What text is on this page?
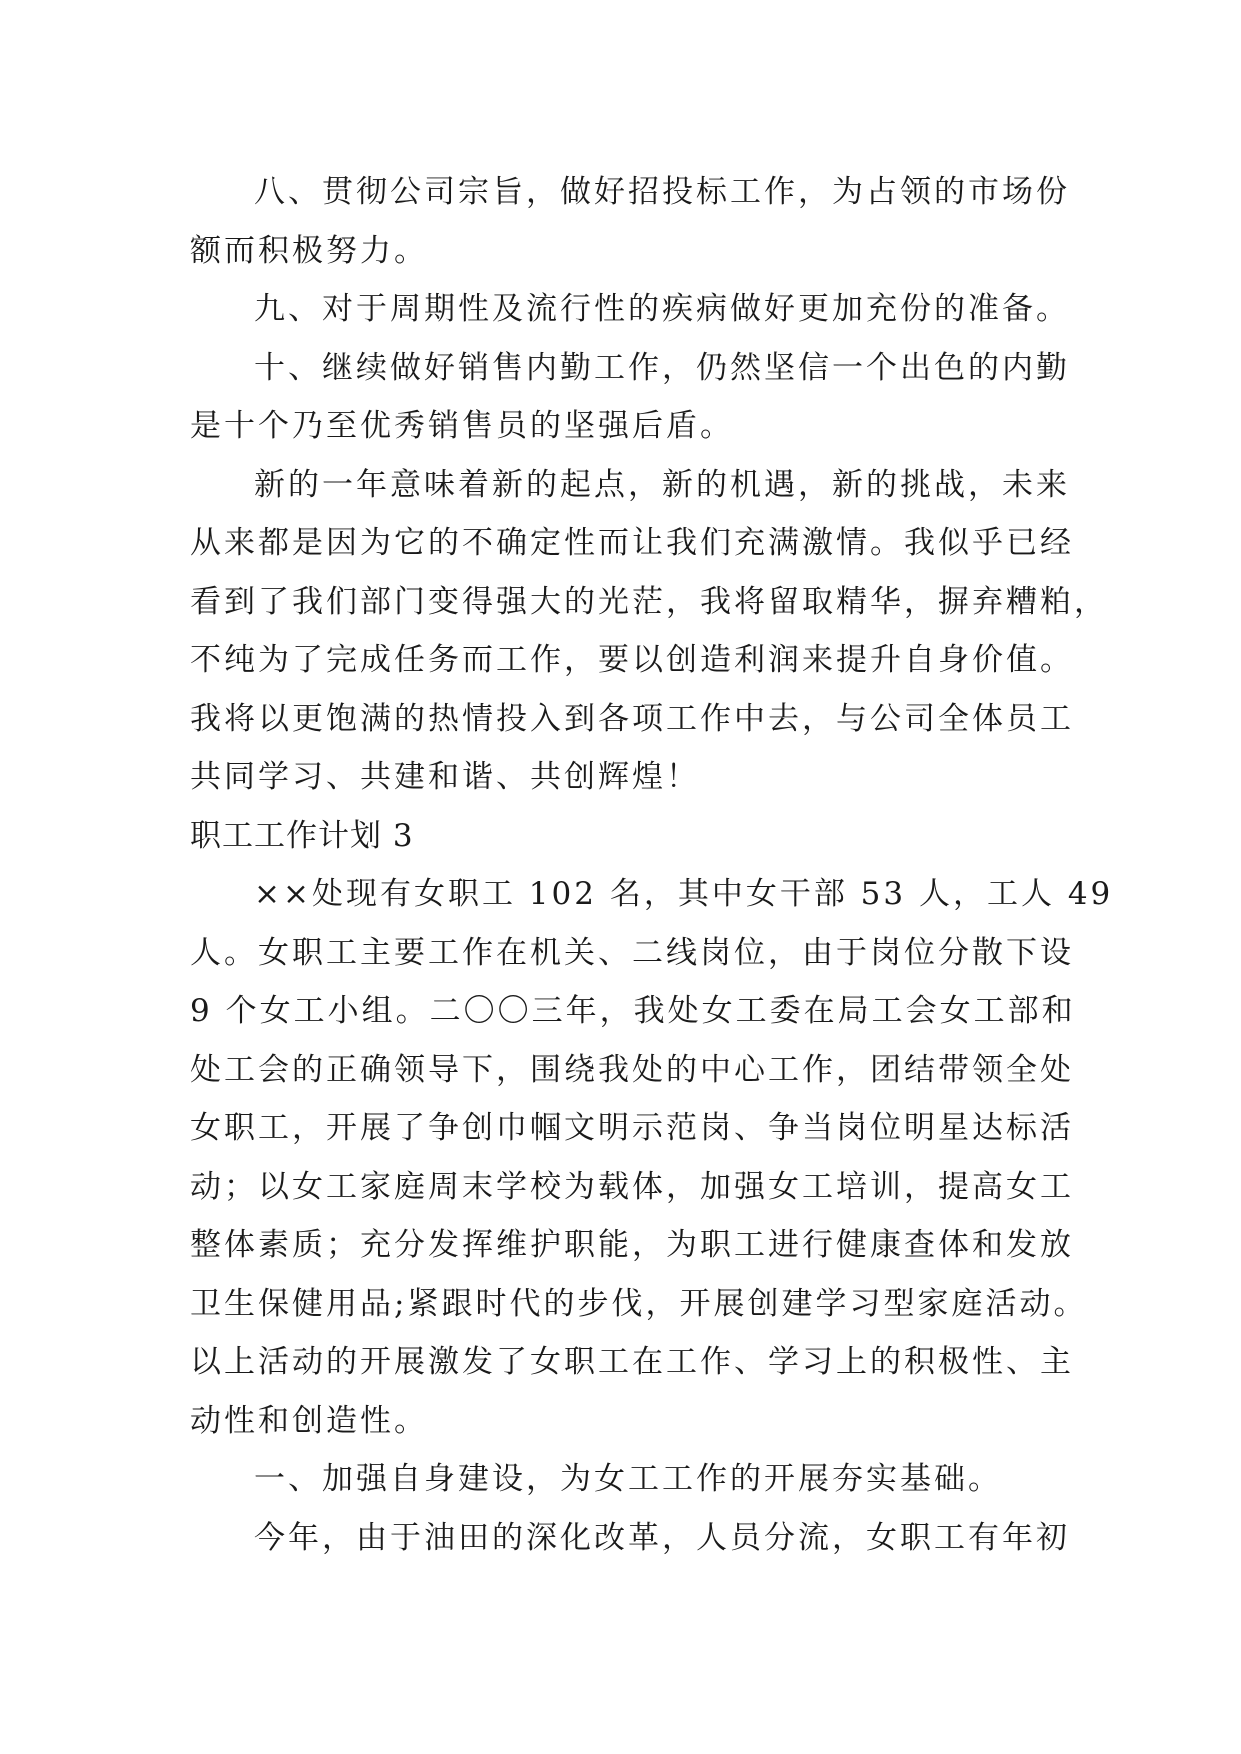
八、贯彻公司宗旨，做好招投标工作，为占领的市场份
额而积极努力。
九、对于周期性及流行性的疾病做好更加充份的准备。
十、继续做好销售内勤工作，仍然坚信一个出色的内勤
是十个乃至优秀销售员的坚强后盾。
新的一年意味着新的起点，新的机遇，新的挑战，未来
从来都是因为它的不确定性而让我们充满激情。我似乎已经
看到了我们部门变得强大的光茫，我将留取精华，摒弃糟粕，
不纯为了完成任务而工作，要以创造利润来提升自身价值。
我将以更饱满的热情投入到各项工作中去，与公司全体员工
共同学习、共建和谐、共创辉煌！
职工工作计划 3
××处现有女职工 102 名，其中女干部 53 人，工人 49
人。女职工主要工作在机关、二线岗位，由于岗位分散下设
9 个女工小组。二〇〇三年，我处女工委在局工会女工部和
处工会的正确领导下，围绕我处的中心工作，团结带领全处
女职工，开展了争创巾帼文明示范岗、争当岗位明星达标活
动；以女工家庭周末学校为载体，加强女工培训，提高女工
整体素质；充分发挥维护职能，为职工进行健康查体和发放
卫生保健用品;紧跟时代的步伐，开展创建学习型家庭活动。
以上活动的开展激发了女职工在工作、学习上的积极性、主
动性和创造性。
一、加强自身建设，为女工工作的开展夯实基础。
今年，由于油田的深化改革，人员分流，女职工有年初
